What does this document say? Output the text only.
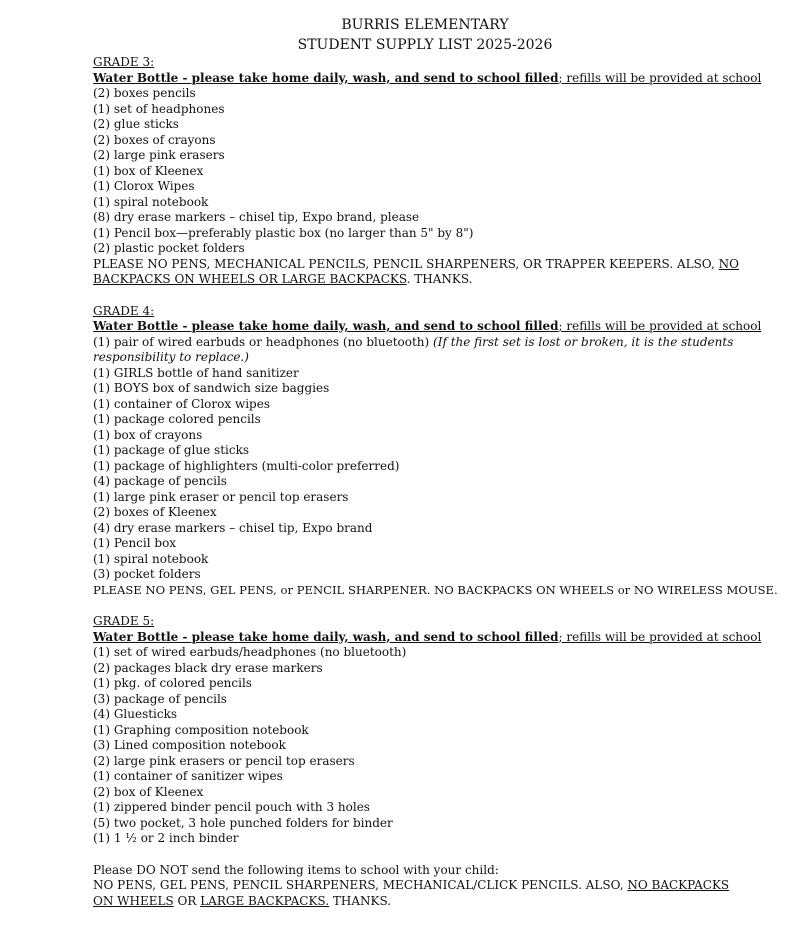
BURRIS ELEMENTARY
STUDENT SUPPLY LIST 2025-2026
GRADE 3:
Water Bottle - please take home daily, wash, and send to school filled; refills will be provided at school
(2) boxes pencils
(1) set of headphones
(2) glue sticks
(2) boxes of crayons
(2) large pink erasers
(1) box of Kleenex
(1) Clorox Wipes
(1) spiral notebook
(8) dry erase markers – chisel tip, Expo brand, please
(1) Pencil box—preferably plastic box (no larger than 5" by 8")
(2) plastic pocket folders
PLEASE NO PENS, MECHANICAL PENCILS, PENCIL SHARPENERS, OR TRAPPER KEEPERS. ALSO, NO BACKPACKS ON WHEELS OR LARGE BACKPACKS. THANKS.
GRADE 4:
Water Bottle - please take home daily, wash, and send to school filled; refills will be provided at school
(1) pair of wired earbuds or headphones (no bluetooth) (If the first set is lost or broken, it is the students responsibility to replace.)
(1) GIRLS bottle of hand sanitizer
(1) BOYS box of sandwich size baggies
(1) container of Clorox wipes
(1) package colored pencils
(1) box of crayons
(1) package of glue sticks
(1) package of highlighters (multi-color preferred)
(4) package of pencils
(1) large pink eraser or pencil top erasers
(2) boxes of Kleenex
(4) dry erase markers – chisel tip, Expo brand
(1) Pencil box
(1) spiral notebook
(3) pocket folders
PLEASE NO PENS, GEL PENS, or PENCIL SHARPENER. NO BACKPACKS ON WHEELS or NO WIRELESS MOUSE.
GRADE 5:
Water Bottle - please take home daily, wash, and send to school filled; refills will be provided at school
(1) set of wired earbuds/headphones (no bluetooth)
(2) packages black dry erase markers
(1) pkg. of colored pencils
(3) package of pencils
(4) Gluesticks
(1) Graphing composition notebook
(3) Lined composition notebook
(2) large pink erasers or pencil top erasers
(1) container of sanitizer wipes
(2) box of Kleenex
(1) zippered binder pencil pouch with 3 holes
(5) two pocket, 3 hole punched folders for binder
(1) 1 ½ or 2 inch binder
Please DO NOT send the following items to school with your child:
NO PENS, GEL PENS, PENCIL SHARPENERS, MECHANICAL/CLICK PENCILS. ALSO, NO BACKPACKS ON WHEELS OR LARGE BACKPACKS. THANKS.
